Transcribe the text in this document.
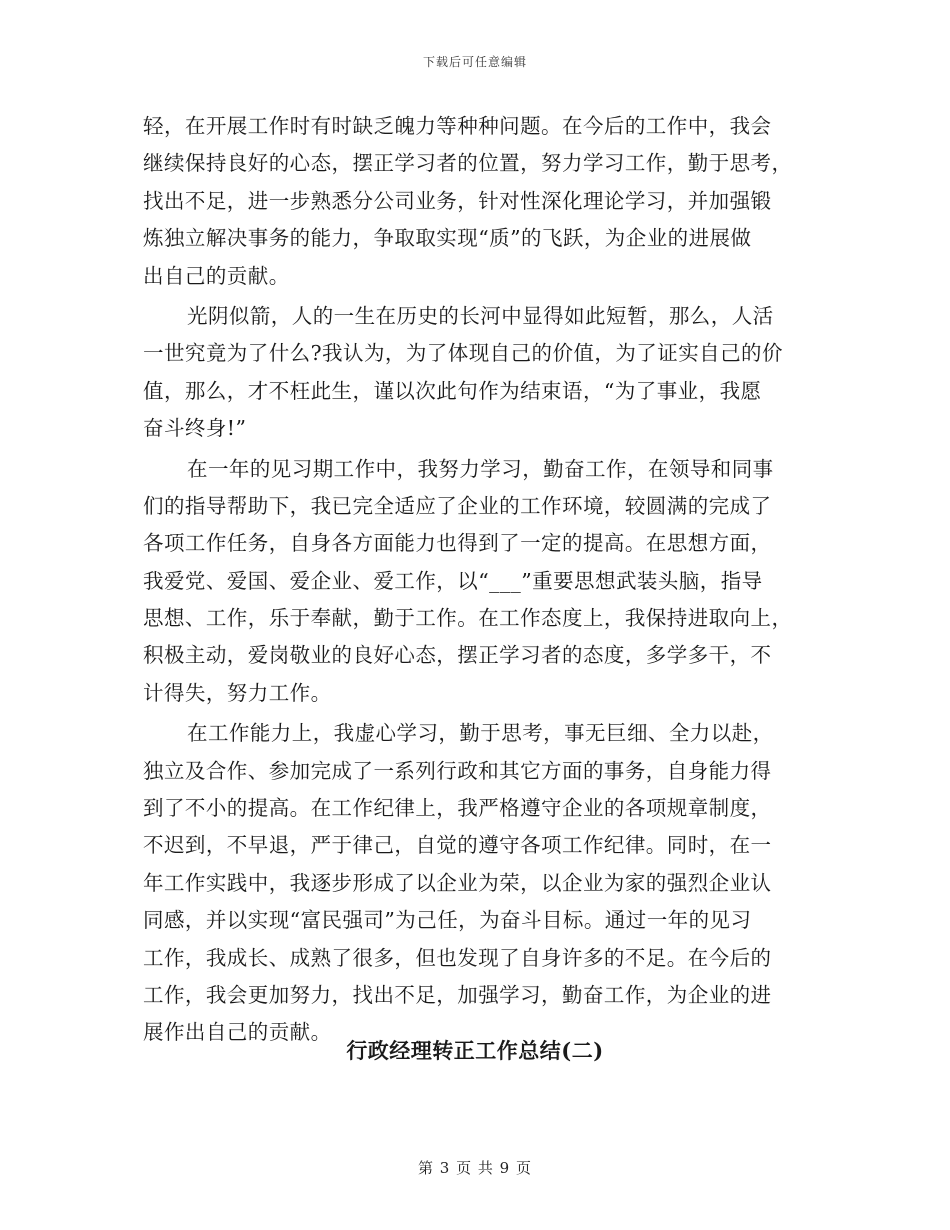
下载后可任意编辑
轻，在开展工作时有时缺乏魄力等种种问题。在今后的工作中，我会
继续保持良好的心态，摆正学习者的位置，努力学习工作，勤于思考，
找出不足，进一步熟悉分公司业务，针对性深化理论学习，并加强锻
炼独立解决事务的能力，争取取实现“质”的飞跃，为企业的进展做
出自己的贡献。
光阴似箭，人的一生在历史的长河中显得如此短暂，那么，人活
一世究竟为了什么?我认为，为了体现自己的价值，为了证实自己的价
值，那么，才不枉此生，谨以次此句作为结束语，“为了事业，我愿
奋斗终身!”
在一年的见习期工作中，我努力学习，勤奋工作，在领导和同事
们的指导帮助下，我已完全适应了企业的工作环境，较圆满的完成了
各项工作任务，自身各方面能力也得到了一定的提高。在思想方面，
我爱党、爱国、爱企业、爱工作，以“___”重要思想武装头脑，指导
思想、工作，乐于奉献，勤于工作。在工作态度上，我保持进取向上，
积极主动，爱岗敬业的良好心态，摆正学习者的态度，多学多干，不
计得失，努力工作。
在工作能力上，我虚心学习，勤于思考，事无巨细、全力以赴，
独立及合作、参加完成了一系列行政和其它方面的事务，自身能力得
到了不小的提高。在工作纪律上，我严格遵守企业的各项规章制度，
不迟到，不早退，严于律己，自觉的遵守各项工作纪律。同时，在一
年工作实践中，我逐步形成了以企业为荣，以企业为家的强烈企业认
同感，并以实现“富民强司”为己任，为奋斗目标。通过一年的见习
工作，我成长、成熟了很多，但也发现了自身许多的不足。在今后的
工作，我会更加努力，找出不足，加强学习，勤奋工作，为企业的进
展作出自己的贡献。
行政经理转正工作总结(二)
第 3 页 共 9 页
